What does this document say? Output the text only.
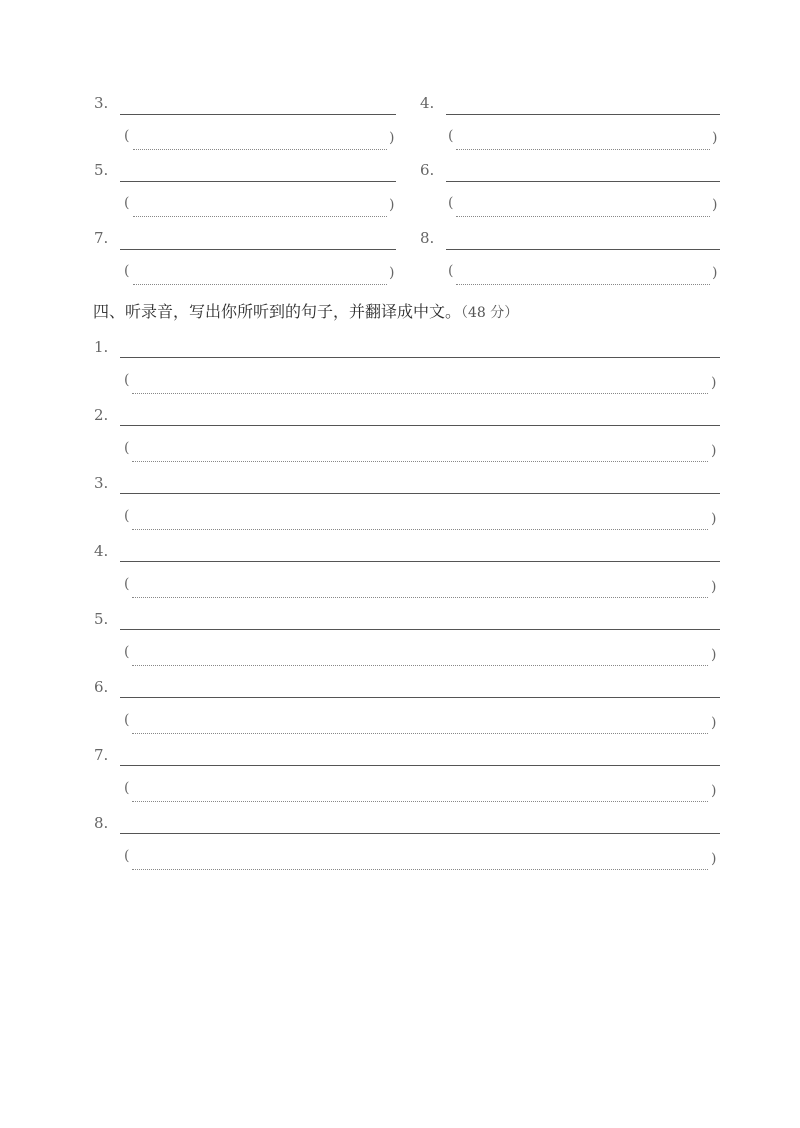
3.
(	)
4.
(	)
5.
(	)
6.
(	)
7.
(	)
8.
(	)
四、听录音，写出你所听到的句子，并翻译成中文。（48 分）
1.
(	)
2.
(	)
3.
(	)
4.
(	)
5.
(	)
6.
(	)
7.
(	)
8.
(	)
